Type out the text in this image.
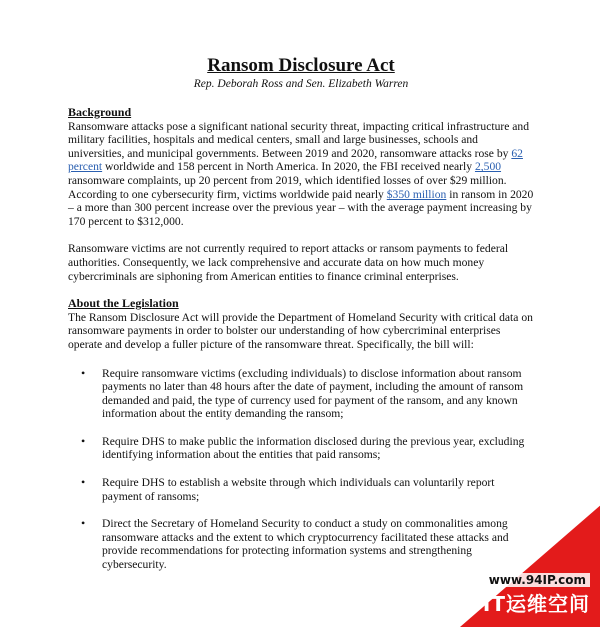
Ransom Disclosure Act

Rep. Deborah Ross and Sen. Elizabeth Warren

Background

Ransomware attacks pose a significant national security threat, impacting critical infrastructure and military facilities, hospitals and medical centers, small and large businesses, schools and universities, and municipal governments. Between 2019 and 2020, ransomware attacks rose by 62 percent worldwide and 158 percent in North America. In 2020, the FBI received nearly 2,500 ransomware complaints, up 20 percent from 2019, which identified losses of over $29 million. According to one cybersecurity firm, victims worldwide paid nearly $350 million in ransom in 2020 – a more than 300 percent increase over the previous year – with the average payment increasing by 170 percent to $312,000.

Ransomware victims are not currently required to report attacks or ransom payments to federal authorities. Consequently, we lack comprehensive and accurate data on how much money cybercriminals are siphoning from American entities to finance criminal enterprises.

About the Legislation

The Ransom Disclosure Act will provide the Department of Homeland Security with critical data on ransomware payments in order to bolster our understanding of how cybercriminal enterprises operate and develop a fuller picture of the ransomware threat. Specifically, the bill will:

• Require ransomware victims (excluding individuals) to disclose information about ransom payments no later than 48 hours after the date of payment, including the amount of ransom demanded and paid, the type of currency used for payment of the ransom, and any known information about the entity demanding the ransom;
• Require DHS to make public the information disclosed during the previous year, excluding identifying information about the entities that paid ransoms;
• Require DHS to establish a website through which individuals can voluntarily report payment of ransoms;
• Direct the Secretary of Homeland Security to conduct a study on commonalities among ransomware attacks and the extent to which cryptocurrency facilitated these attacks and provide recommendations for protecting information systems and strengthening cybersecurity.
www.94IP.com
IT运维空间
